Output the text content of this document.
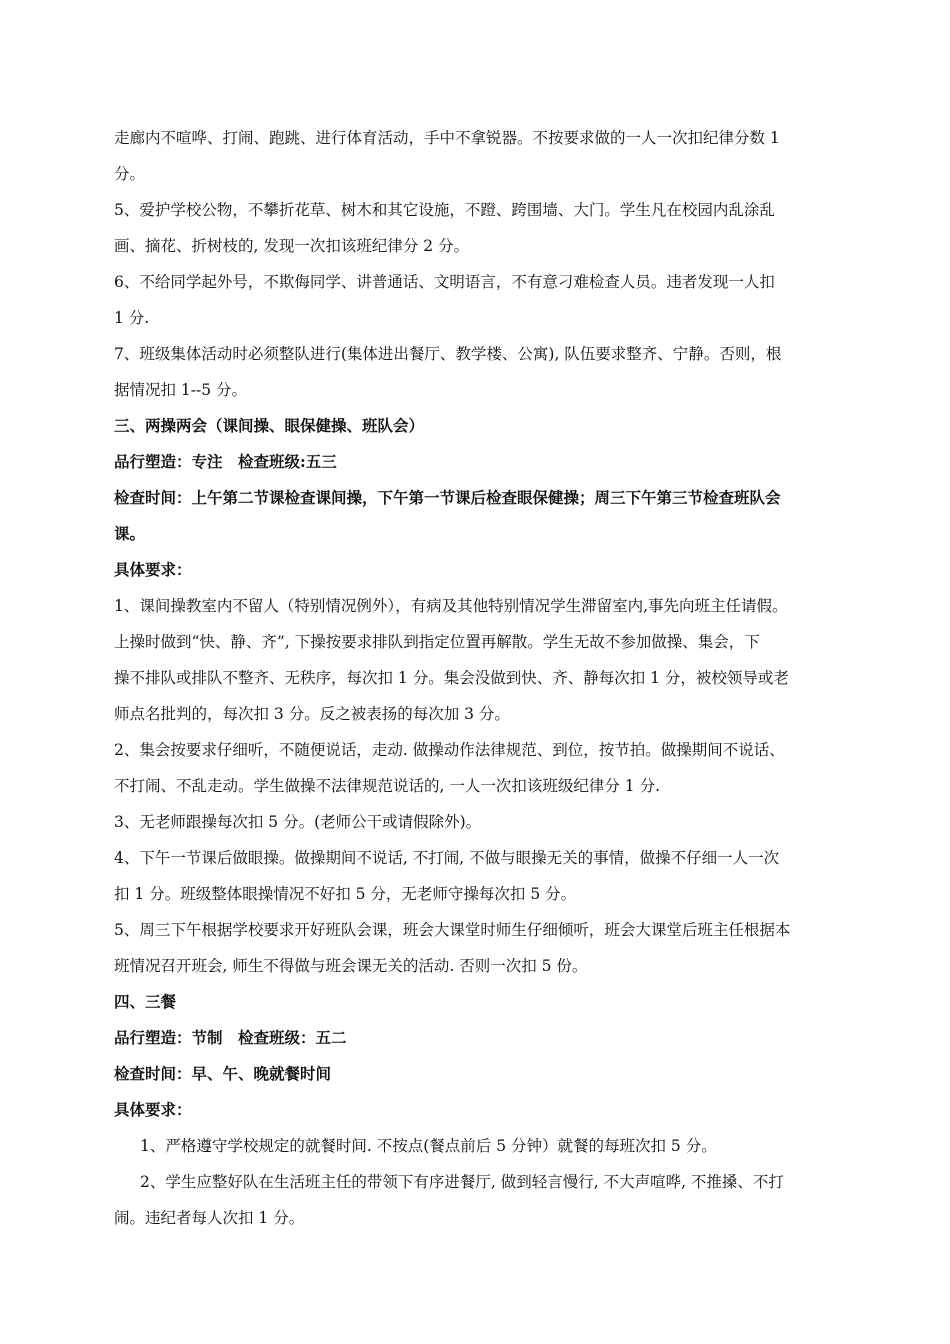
走廊内不喧哗、打闹、跑跳、进行体育活动，手中不拿锐器。不按要求做的一人一次扣纪律分数 1

分。

5、爱护学校公物，不攀折花草、树木和其它设施，不蹬、跨围墙、大门。学生凡在校园内乱涂乱

画、摘花、折树枝的, 发现一次扣该班纪律分 2 分。

6、不给同学起外号，不欺侮同学、讲普通话、文明语言，不有意刁难检查人员。违者发现一人扣

1 分.

7、班级集体活动时必须整队进行(集体进出餐厅、教学楼、公寓), 队伍要求整齐、宁静。否则，根

据情况扣 1--5 分。

三、两操两会（课间操、眼保健操、班队会）

品行塑造：专注　检查班级:五三

检查时间：上午第二节课检查课间操，下午第一节课后检查眼保健操；周三下午第三节检查班队会

课。

具体要求：

1、课间操教室内不留人（特别情况例外），有病及其他特别情况学生滞留室内,事先向班主任请假。

上操时做到“快、静、齐”, 下操按要求排队到指定位置再解散。学生无故不参加做操、集会，下

操不排队或排队不整齐、无秩序，每次扣 1 分。集会没做到快、齐、静每次扣 1 分，被校领导或老

师点名批判的，每次扣 3 分。反之被表扬的每次加 3 分。

2、集会按要求仔细听，不随便说话，走动. 做操动作法律规范、到位，按节拍。做操期间不说话、

不打闹、不乱走动。学生做操不法律规范说话的, 一人一次扣该班级纪律分 1 分.

3、无老师跟操每次扣 5 分。(老师公干或请假除外)。

4、下午一节课后做眼操。做操期间不说话, 不打闹, 不做与眼操无关的事情，做操不仔细一人一次

扣 1 分。班级整体眼操情况不好扣 5 分，无老师守操每次扣 5 分。

5、周三下午根据学校要求开好班队会课，班会大课堂时师生仔细倾听，班会大课堂后班主任根据本

班情况召开班会, 师生不得做与班会课无关的活动. 否则一次扣 5 份。

四、三餐

品行塑造：节制　检查班级：五二

检查时间：早、午、晚就餐时间

具体要求：

1、严格遵守学校规定的就餐时间. 不按点(餐点前后 5 分钟）就餐的每班次扣 5 分。

2、学生应整好队在生活班主任的带领下有序进餐厅, 做到轻言慢行, 不大声喧哗, 不推搡、不打

闹。违纪者每人次扣 1 分。
